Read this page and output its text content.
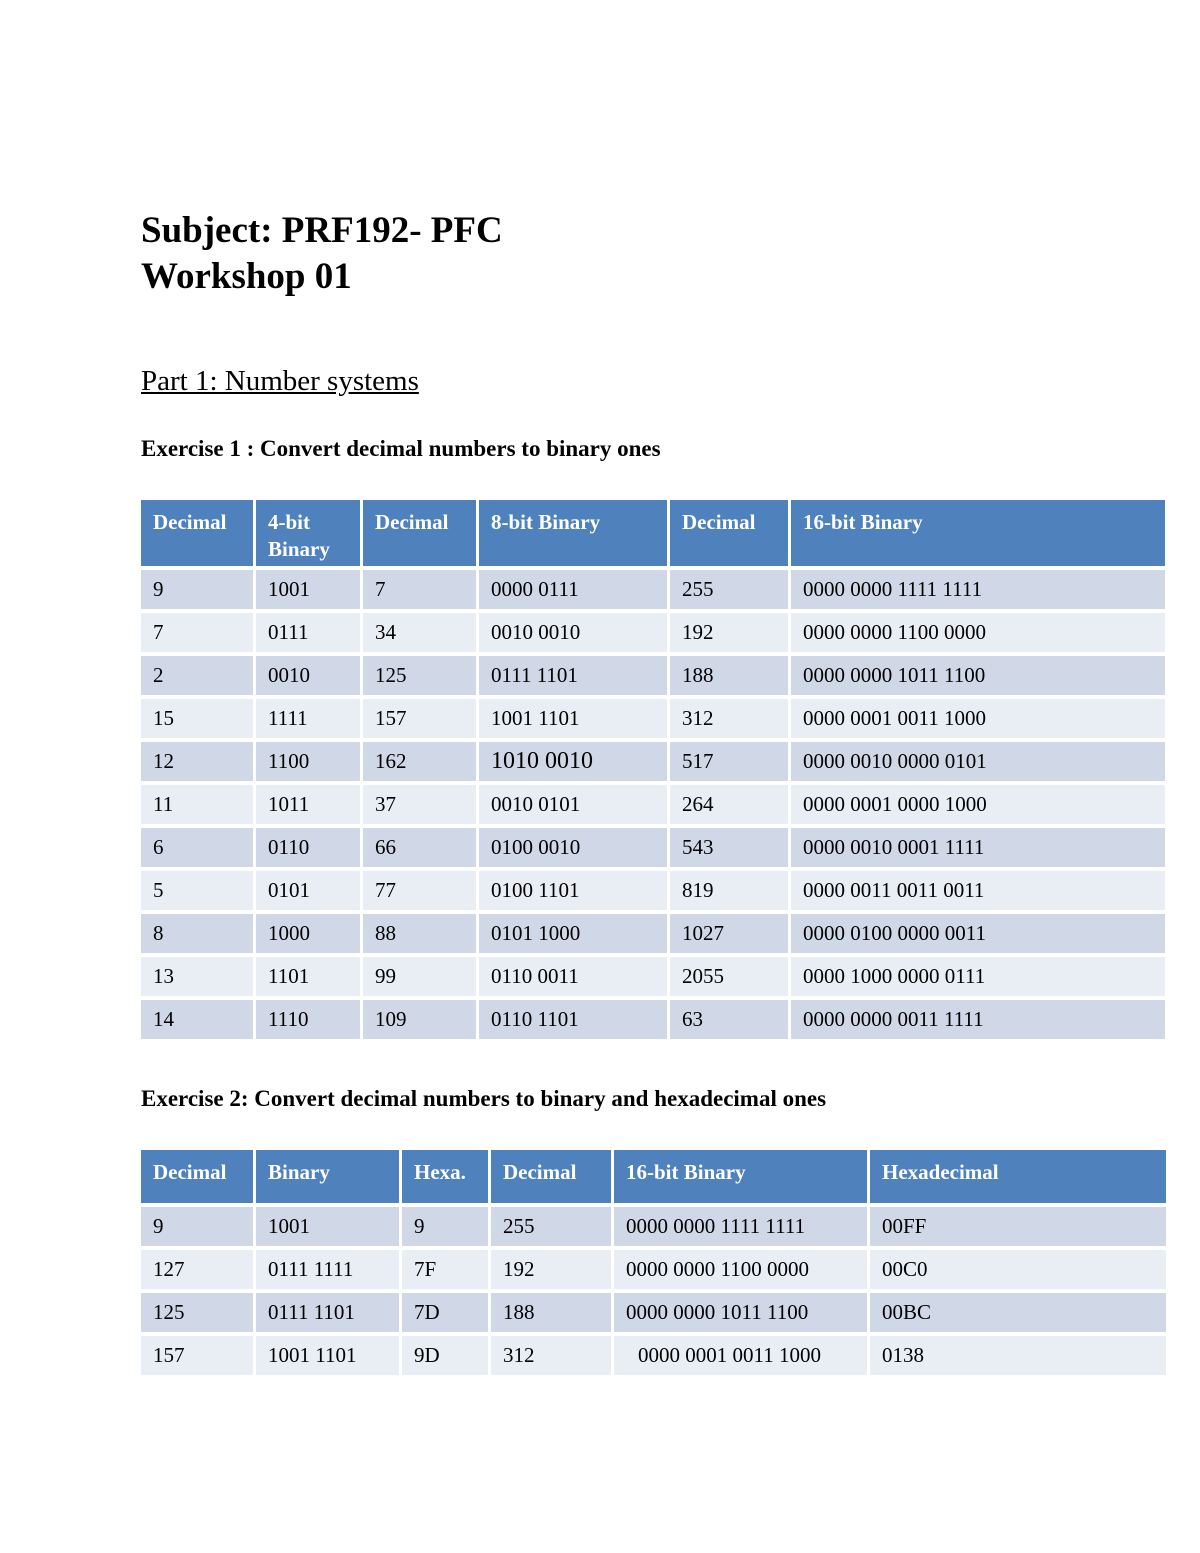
Subject: PRF192- PFC
Workshop 01
Part 1: Number systems
Exercise 1 : Convert decimal numbers to binary ones
Decimal	4-bit Binary	Decimal	8-bit Binary	Decimal	16-bit Binary
9	1001	7	0000 0111	255	0000 0000 1111 1111
7	0111	34	0010 0010	192	0000 0000 1100 0000
2	0010	125	0111 1101	188	0000 0000 1011 1100
15	1111	157	1001 1101	312	0000 0001 0011 1000
12	1100	162	1010 0010	517	0000 0010 0000 0101
11	1011	37	0010 0101	264	0000 0001 0000 1000
6	0110	66	0100 0010	543	0000 0010 0001 1111
5	0101	77	0100 1101	819	0000 0011 0011 0011
8	1000	88	0101 1000	1027	0000 0100 0000 0011
13	1101	99	0110 0011	2055	0000 1000 0000 0111
14	1110	109	0110 1101	63	0000 0000 0011 1111
Exercise 2: Convert decimal numbers to binary and hexadecimal ones
Decimal	Binary	Hexa.	Decimal	16-bit Binary	Hexadecimal
9	1001	9	255	0000 0000 1111 1111	00FF
127	0111 1111	7F	192	0000 0000 1100 0000	00C0
125	0111 1101	7D	188	0000 0000 1011 1100	00BC
157	1001 1101	9D	312	0000 0001 0011 1000	0138
